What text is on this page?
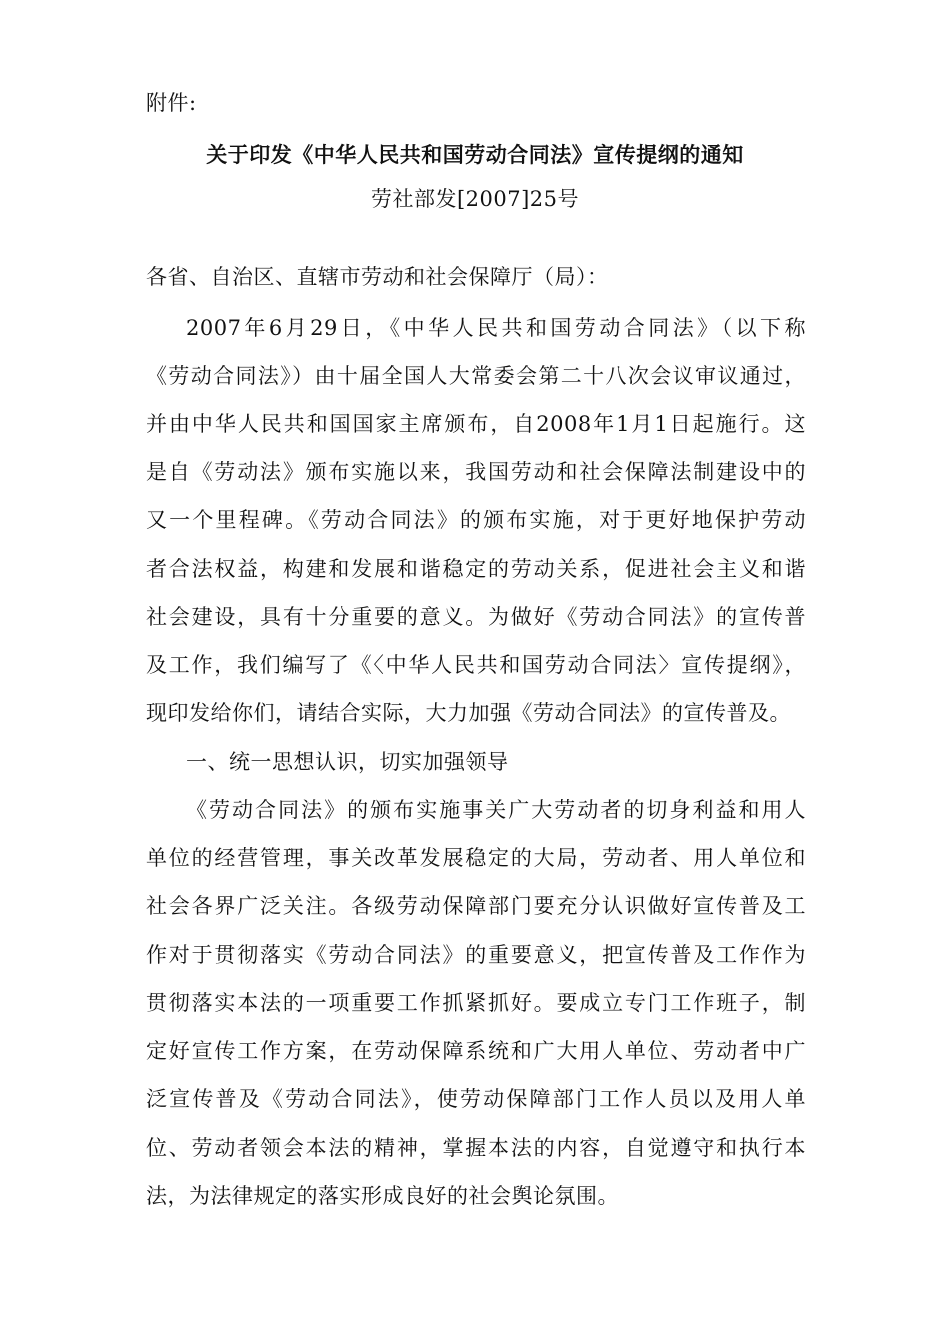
附件:
关于印发《中华人民共和国劳动合同法》宣传提纲的通知
劳社部发[2007]25号
各省、自治区、直辖市劳动和社会保障厅（局）：
2007年6月29日，《中华人民共和国劳动合同法》（以下称
《劳动合同法》）由十届全国人大常委会第二十八次会议审议通过，
并由中华人民共和国国家主席颁布，自2008年1月1日起施行。这
是自《劳动法》颁布实施以来，我国劳动和社会保障法制建设中的
又一个里程碑。《劳动合同法》的颁布实施，对于更好地保护劳动
者合法权益，构建和发展和谐稳定的劳动关系，促进社会主义和谐
社会建设，具有十分重要的意义。为做好《劳动合同法》的宣传普
及工作，我们编写了《〈中华人民共和国劳动合同法〉宣传提纲》，
现印发给你们，请结合实际，大力加强《劳动合同法》的宣传普及。
一、统一思想认识，切实加强领导
《劳动合同法》的颁布实施事关广大劳动者的切身利益和用人
单位的经营管理，事关改革发展稳定的大局，劳动者、用人单位和
社会各界广泛关注。各级劳动保障部门要充分认识做好宣传普及工
作对于贯彻落实《劳动合同法》的重要意义，把宣传普及工作作为
贯彻落实本法的一项重要工作抓紧抓好。要成立专门工作班子，制
定好宣传工作方案，在劳动保障系统和广大用人单位、劳动者中广
泛宣传普及《劳动合同法》，使劳动保障部门工作人员以及用人单
位、劳动者领会本法的精神，掌握本法的内容，自觉遵守和执行本
法，为法律规定的落实形成良好的社会舆论氛围。
